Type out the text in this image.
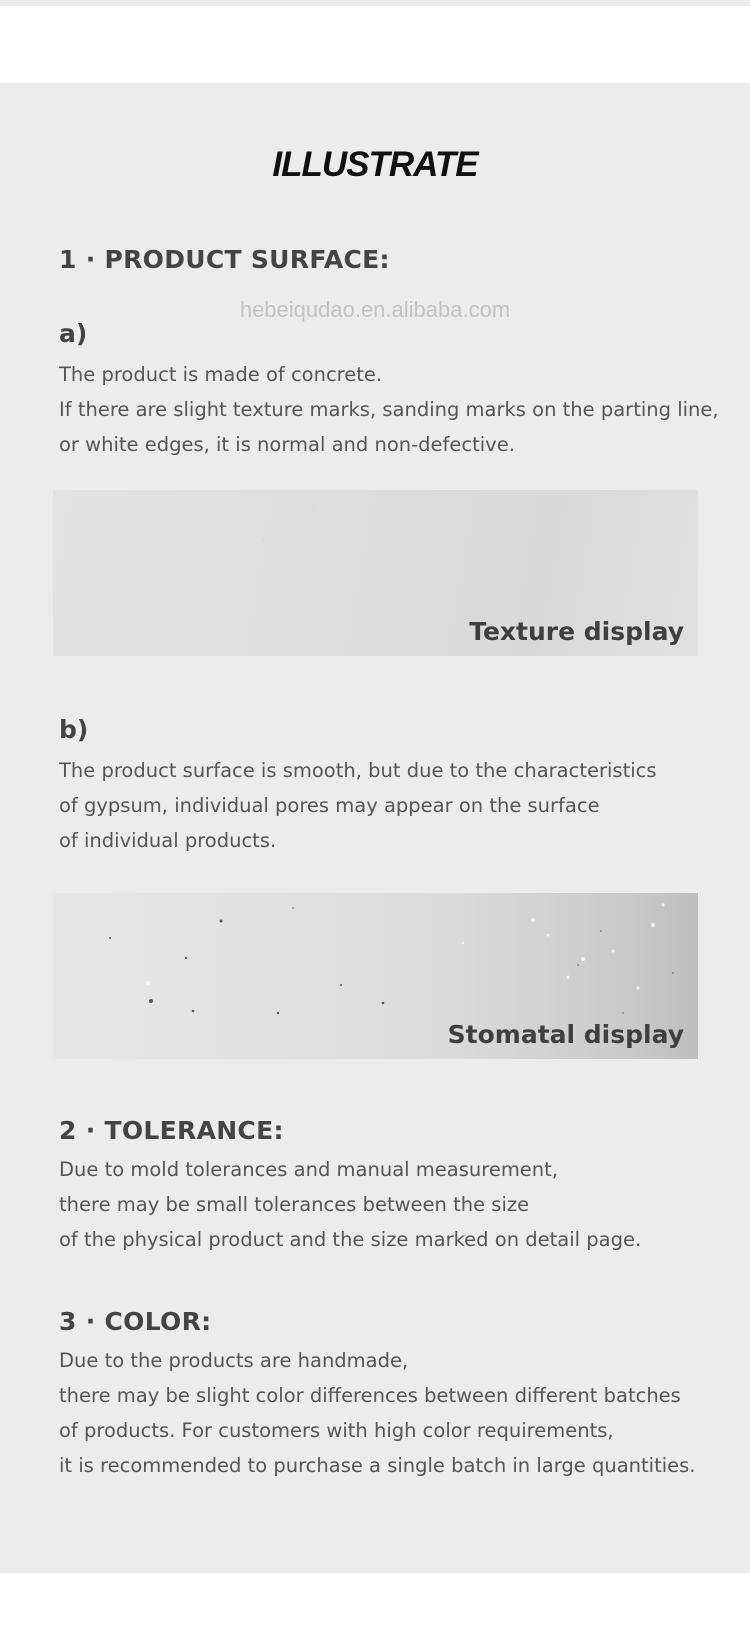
ILLUSTRATE
1 · PRODUCT SURFACE:
hebeiqudao.en.alibaba.com
a)
The product is made of concrete.
If there are slight texture marks, sanding marks on the parting line,
or white edges, it is normal and non-defective.
Texture display
b)
The product surface is smooth, but due to the characteristics
of gypsum, individual pores may appear on the surface
of individual products.
Stomatal display
2 · TOLERANCE:
Due to mold tolerances and manual measurement,
there may be small tolerances between the size
of the physical product and the size marked on detail page.
3 · COLOR:
Due to the products are handmade,
there may be slight color differences between different batches
of products. For customers with high color requirements,
it is recommended to purchase a single batch in large quantities.
